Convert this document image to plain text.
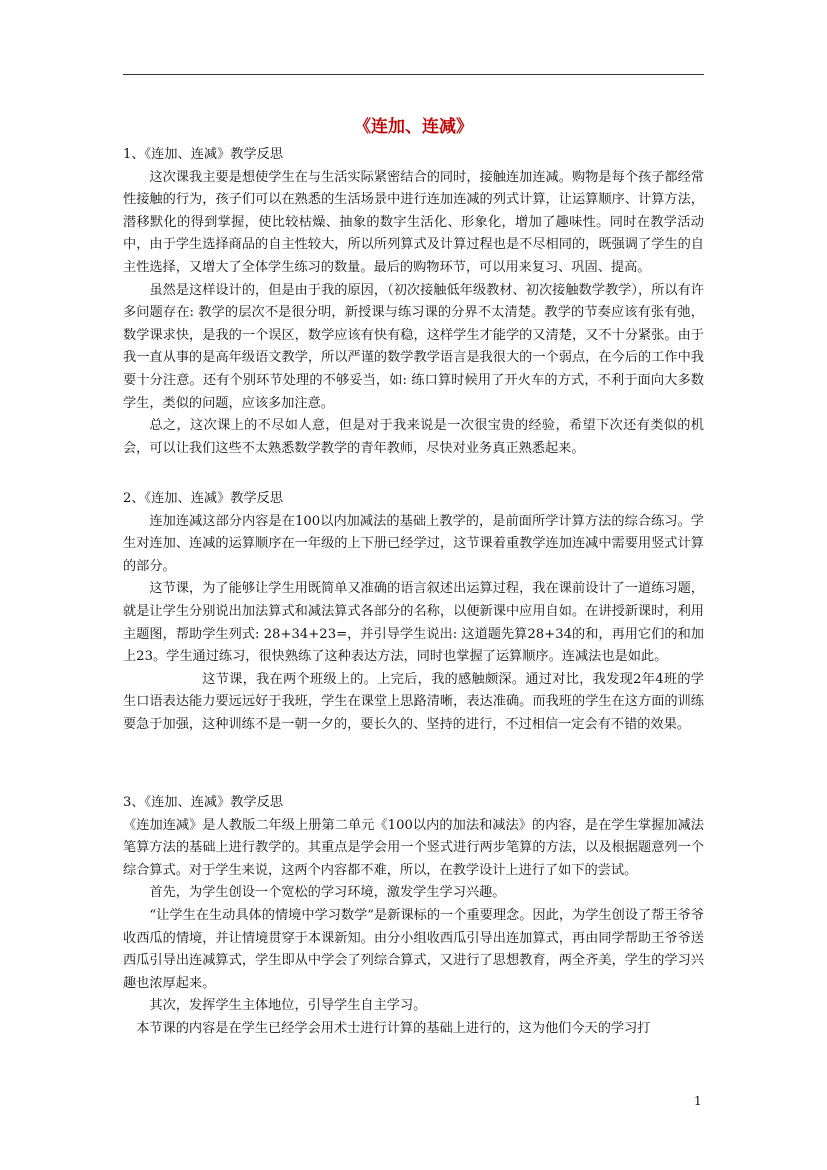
《连加、连减》

1、《连加、连减》教学反思

这次课我主要是想使学生在与生活实际紧密结合的同时，接触连加连减。购物是每个孩子都经常性接触的行为，孩子们可以在熟悉的生活场景中进行连加连减的列式计算，让运算顺序、计算方法，潜移默化的得到掌握，使比较枯燥、抽象的数字生活化、形象化，增加了趣味性。同时在教学活动中，由于学生选择商品的自主性较大，所以所列算式及计算过程也是不尽相同的，既强调了学生的自主性选择，又增大了全体学生练习的数量。最后的购物环节，可以用来复习、巩固、提高。

虽然是这样设计的，但是由于我的原因，（初次接触低年级教材、初次接触数学教学），所以有许多问题存在: 教学的层次不是很分明，新授课与练习课的分界不太清楚。教学的节奏应该有张有弛，数学课求快，是我的一个误区，数学应该有快有稳，这样学生才能学的又清楚，又不十分紧张。由于我一直从事的是高年级语文教学，所以严谨的数学教学语言是我很大的一个弱点，在今后的工作中我要十分注意。还有个别环节处理的不够妥当，如: 练口算时候用了开火车的方式，不利于面向大多数学生，类似的问题，应该多加注意。

总之，这次课上的不尽如人意，但是对于我来说是一次很宝贵的经验，希望下次还有类似的机会，可以让我们这些不太熟悉数学教学的青年教师，尽快对业务真正熟悉起来。

2、《连加、连减》教学反思

连加连减这部分内容是在100以内加减法的基础上教学的，是前面所学计算方法的综合练习。学生对连加、连减的运算顺序在一年级的上下册已经学过，这节课着重教学连加连减中需要用竖式计算的部分。

这节课，为了能够让学生用既简单又准确的语言叙述出运算过程，我在课前设计了一道练习题，就是让学生分别说出加法算式和减法算式各部分的名称，以便新课中应用自如。在讲授新课时，利用主题图，帮助学生列式: 28+34+23=，并引导学生说出: 这道题先算28+34的和，再用它们的和加上23。学生通过练习，很快熟练了这种表达方法，同时也掌握了运算顺序。连减法也是如此。

这节课，我在两个班级上的。上完后，我的感触颇深。通过对比，我发现2年4班的学生口语表达能力要远远好于我班，学生在课堂上思路清晰，表达准确。而我班的学生在这方面的训练要急于加强，这种训练不是一朝一夕的，要长久的、坚持的进行，不过相信一定会有不错的效果。

3、《连加、连减》教学反思

《连加连减》是人教版二年级上册第二单元《100以内的加法和减法》的内容，是在学生掌握加减法笔算方法的基础上进行教学的。其重点是学会用一个竖式进行两步笔算的方法，以及根据题意列一个综合算式。对于学生来说，这两个内容都不难，所以，在教学设计上进行了如下的尝试。

首先，为学生创设一个宽松的学习环境，激发学生学习兴趣。

“让学生在生动具体的情境中学习数学”是新课标的一个重要理念。因此，为学生创设了帮王爷爷收西瓜的情境，并让情境贯穿于本课新知。由分小组收西瓜引导出连加算式，再由同学帮助王爷爷送西瓜引导出连减算式，学生即从中学会了列综合算式，又进行了思想教育，两全齐美，学生的学习兴趣也浓厚起来。

其次，发挥学生主体地位，引导学生自主学习。

本节课的内容是在学生已经学会用术士进行计算的基础上进行的，这为他们今天的学习打

1
